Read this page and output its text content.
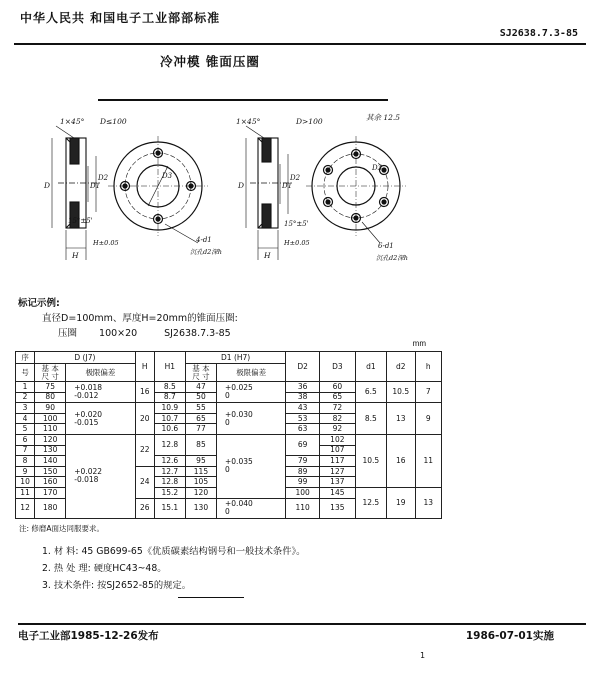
中华人民共 和国电子工业部部标准
SJ2638.7.3-85
冷冲模 锥面压圈
1×45° D≤100
D	D1
D2
15°±5'
H±0.05
H
D3
4-d1
沉孔d2深h
1×45°	D>100	其余 12.5
D	D1
D2
15°±5'
H±0.05
H
D3
6-d1
沉孔d2深h
标记示例:
直径D=100mm、厚度H=20mm的锥面压圈:
压圈 100×20	SJ2638.7.3-85
mm
序	D (J7)		H	H1	D1 (H7)		D2	D3	d1	d2	h
号	基 本
尺 寸	极限偏差			基 本
尺 寸	极限偏差					
1	75	+0.018
-0.012	16	8.5	47	+0.025
0	36	60	6.5	10.5	7
2	80			8.7	50		38	65			
3	90	+0.020
-0.015	20	10.9	55	+0.030
0	43	72	8.5	13	9
4	100			10.7	65		53	82			
5	110			10.6	77		63	92			
6	120	+0.022
-0.018	22	12.8	85	+0.035
0	69	102	10.5	16	11
7	130							107			
8	140			12.6	95		79	117			
9	150		24	12.7	115		89	127			
10	160			12.8	105		99	137			
11	170			15.2	120		100	145	12.5	19	13
12	180		26	15.1	130	+0.040
0	110	135			
注: 修磨A面达同服要求。
1. 材 料: 45 GB699-65《优质碳素结构钢号和一般技术条件》。
2. 热 处 理: 硬度HC43~48。
3. 技术条件: 按SJ2652-85的规定。
电子工业部1985-12-26发布	1986-07-01实施
1
